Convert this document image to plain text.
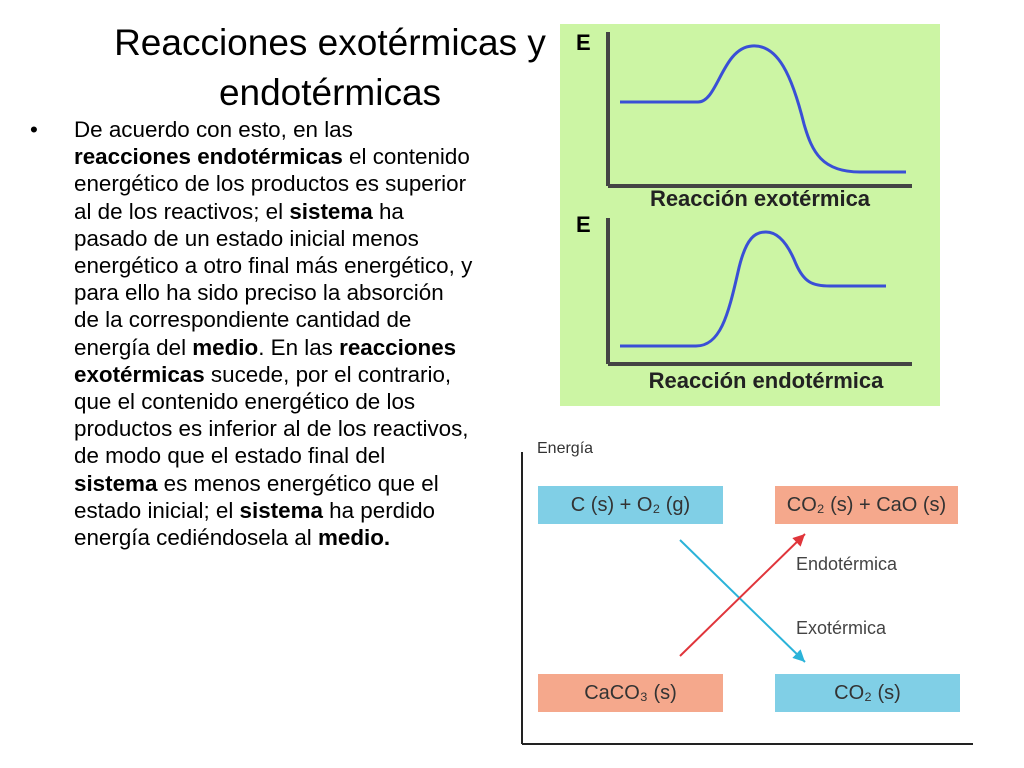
Reacciones exotérmicas y endotérmicas
• De acuerdo con esto, en las reacciones endotérmicas el contenido energético de los productos es superior al de los reactivos; el sistema ha pasado de un estado inicial menos energético a otro final más energético, y para ello ha sido preciso la absorción de la correspondiente cantidad de energía del medio. En las reacciones exotérmicas sucede, por el contrario, que el contenido energético de los productos es inferior al de los reactivos, de modo que el estado final del sistema es menos energético que el estado inicial; el sistema ha perdido energía cediéndosela al medio.
E
Reacción exotérmica
E
Reacción endotérmica
Energía
C (s) + O₂ (g)	CO₂ (s) + CaO (s)
CaCO₃ (s)	CO₂ (s)
Endotérmica
Exotérmica
